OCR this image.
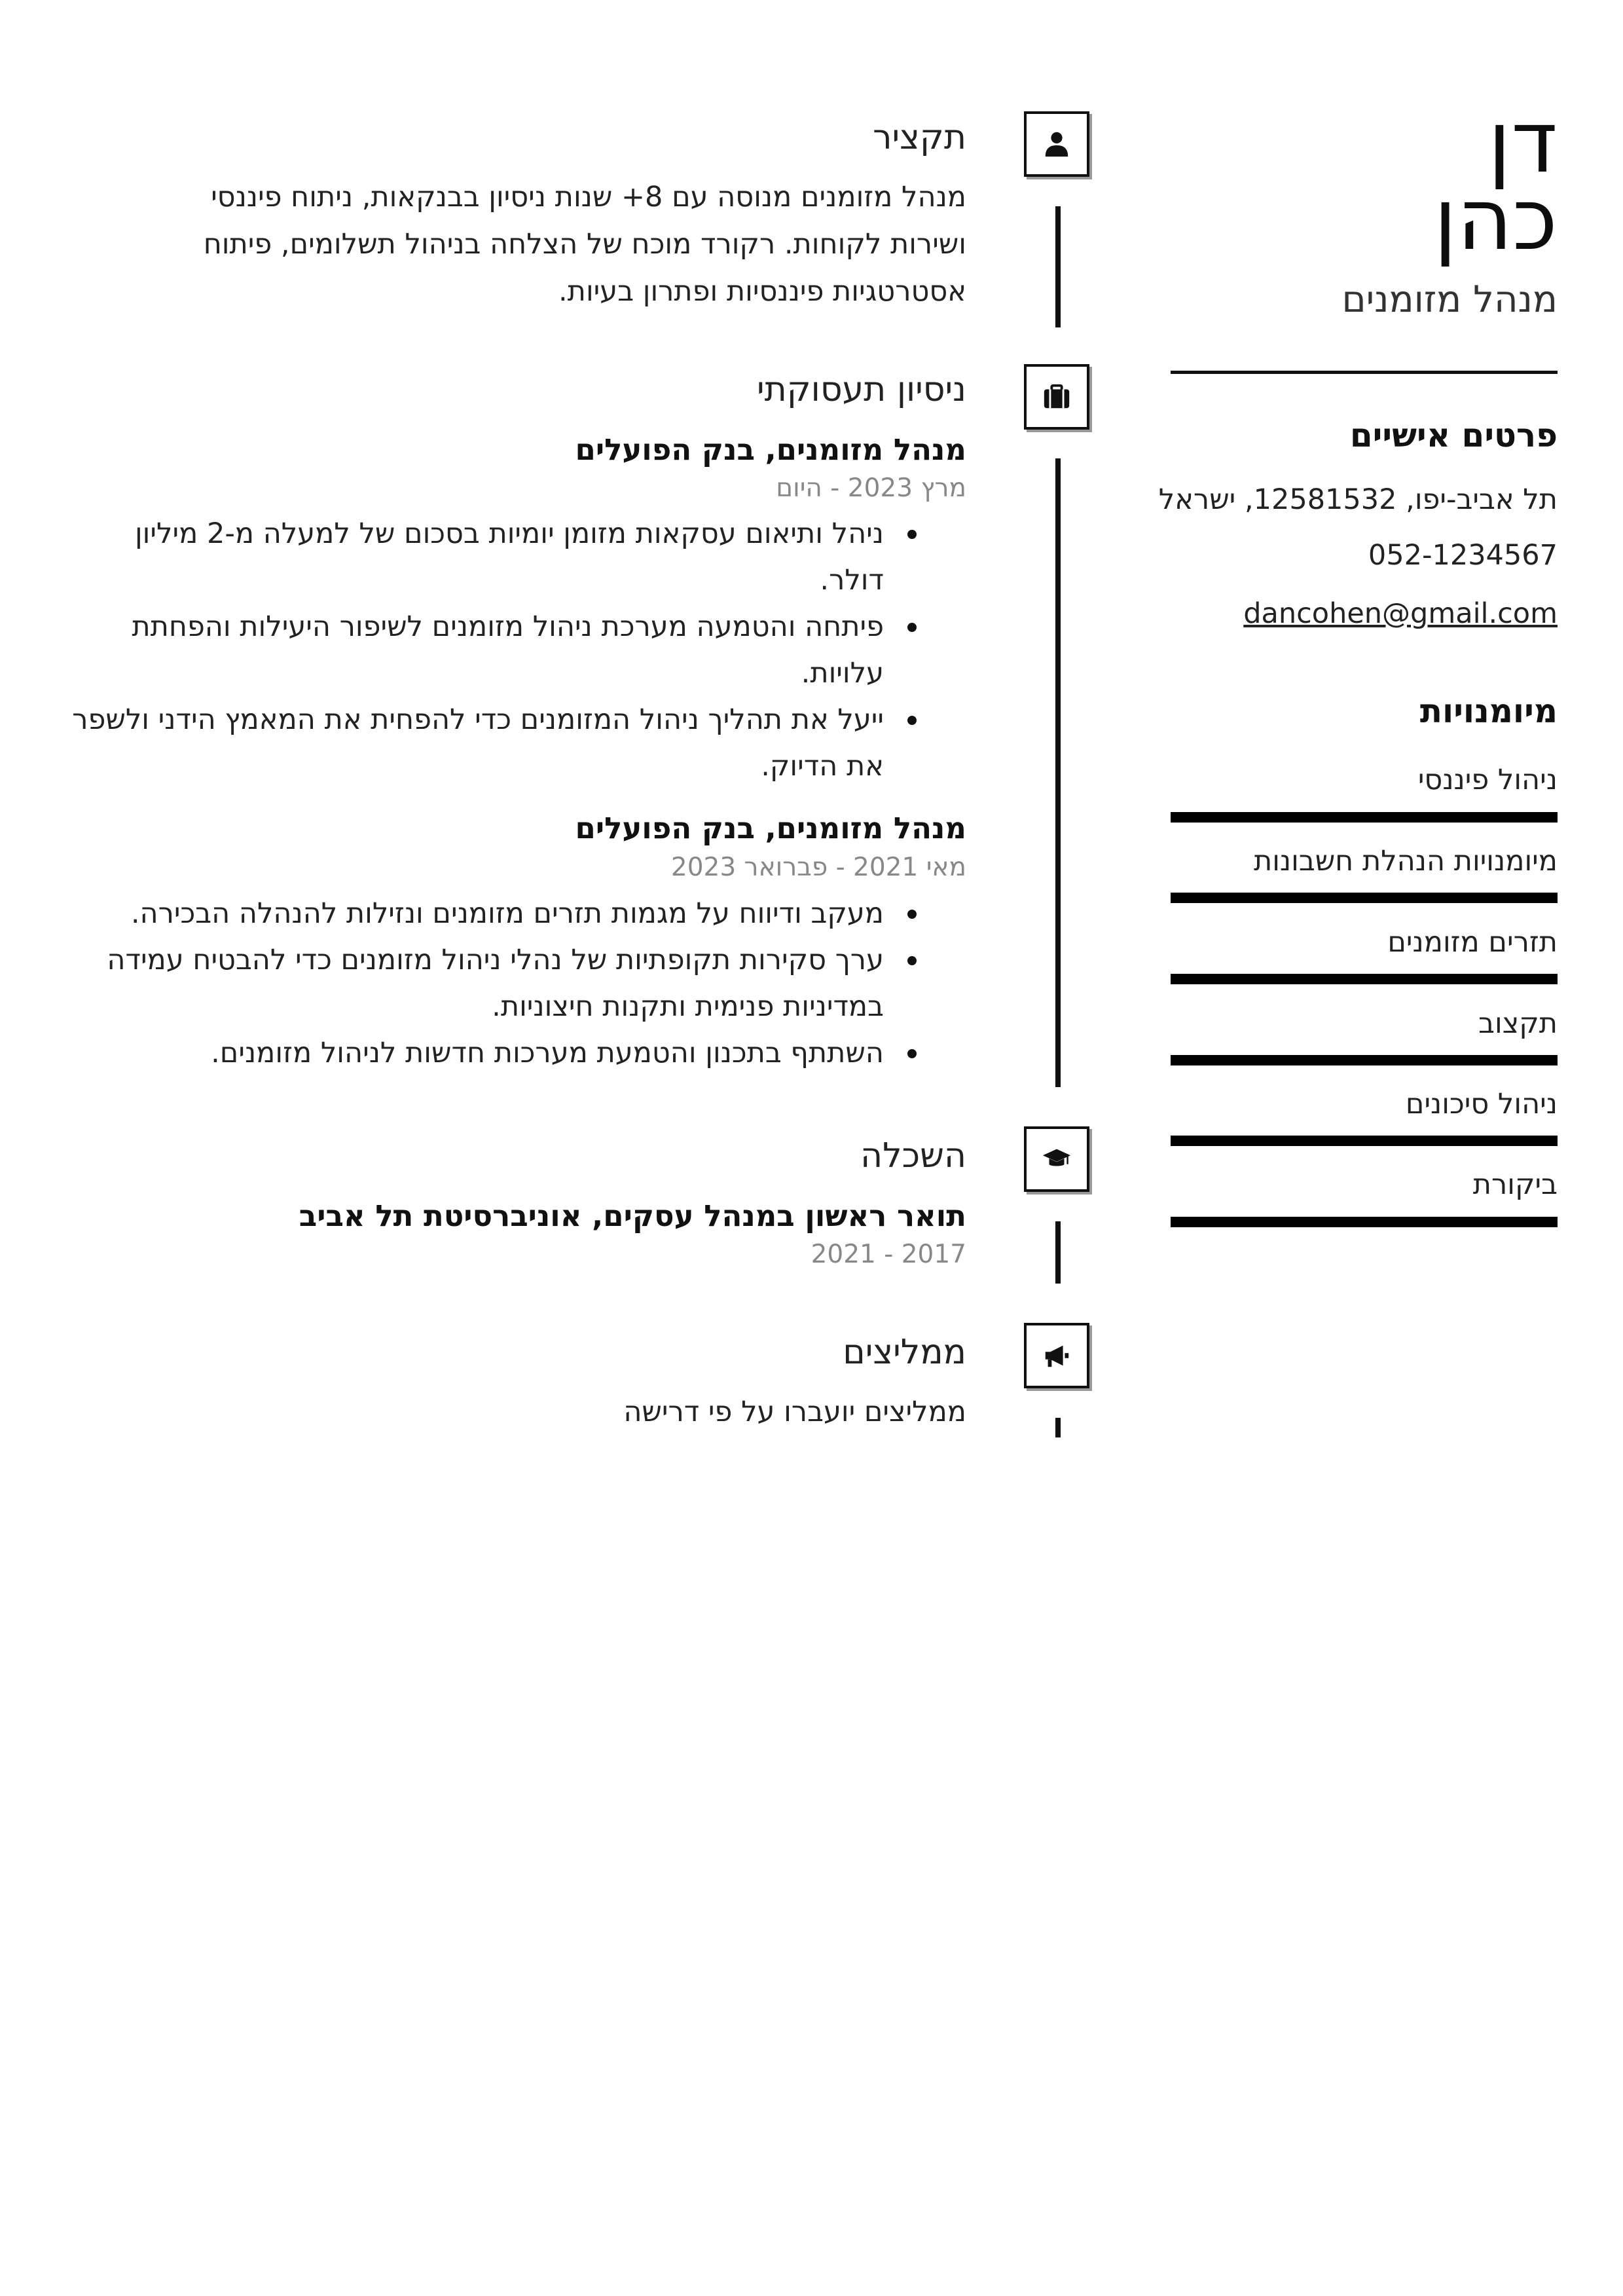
דן
כהן
מנהל מזומנים
פרטים אישיים
תל אביב-יפו, 12581532, ישראל
052-1234567
dancohen@gmail.com
מיומנויות
ניהול פיננסי
מיומנויות הנהלת חשבונות
תזרים מזומנים
תקצוב
ניהול סיכונים
ביקורת
תקציר
מנהל מזומנים מנוסה עם 8+ שנות ניסיון בבנקאות, ניתוח פיננסי ושירות לקוחות. רקורד מוכח של הצלחה בניהול תשלומים, פיתוח אסטרטגיות פיננסיות ופתרון בעיות.
ניסיון תעסוקתי
מנהל מזומנים, בנק הפועלים
מרץ 2023 - היום
ניהל ותיאום עסקאות מזומן יומיות בסכום של למעלה מ-2 מיליון דולר.
פיתחה והטמעה מערכת ניהול מזומנים לשיפור היעילות והפחתת עלויות.
ייעל את תהליך ניהול המזומנים כדי להפחית את המאמץ הידני ולשפר את הדיוק.
מנהל מזומנים, בנק הפועלים
מאי 2021 - פברואר 2023
מעקב ודיווח על מגמות תזרים מזומנים ונזילות להנהלה הבכירה.
ערך סקירות תקופתיות של נהלי ניהול מזומנים כדי להבטיח עמידה במדיניות פנימית ותקנות חיצוניות.
השתתף בתכנון והטמעת מערכות חדשות לניהול מזומנים.
השכלה
תואר ראשון במנהל עסקים, אוניברסיטת תל אביב
2017 - 2021
ממליצים
ממליצים יועברו על פי דרישה
